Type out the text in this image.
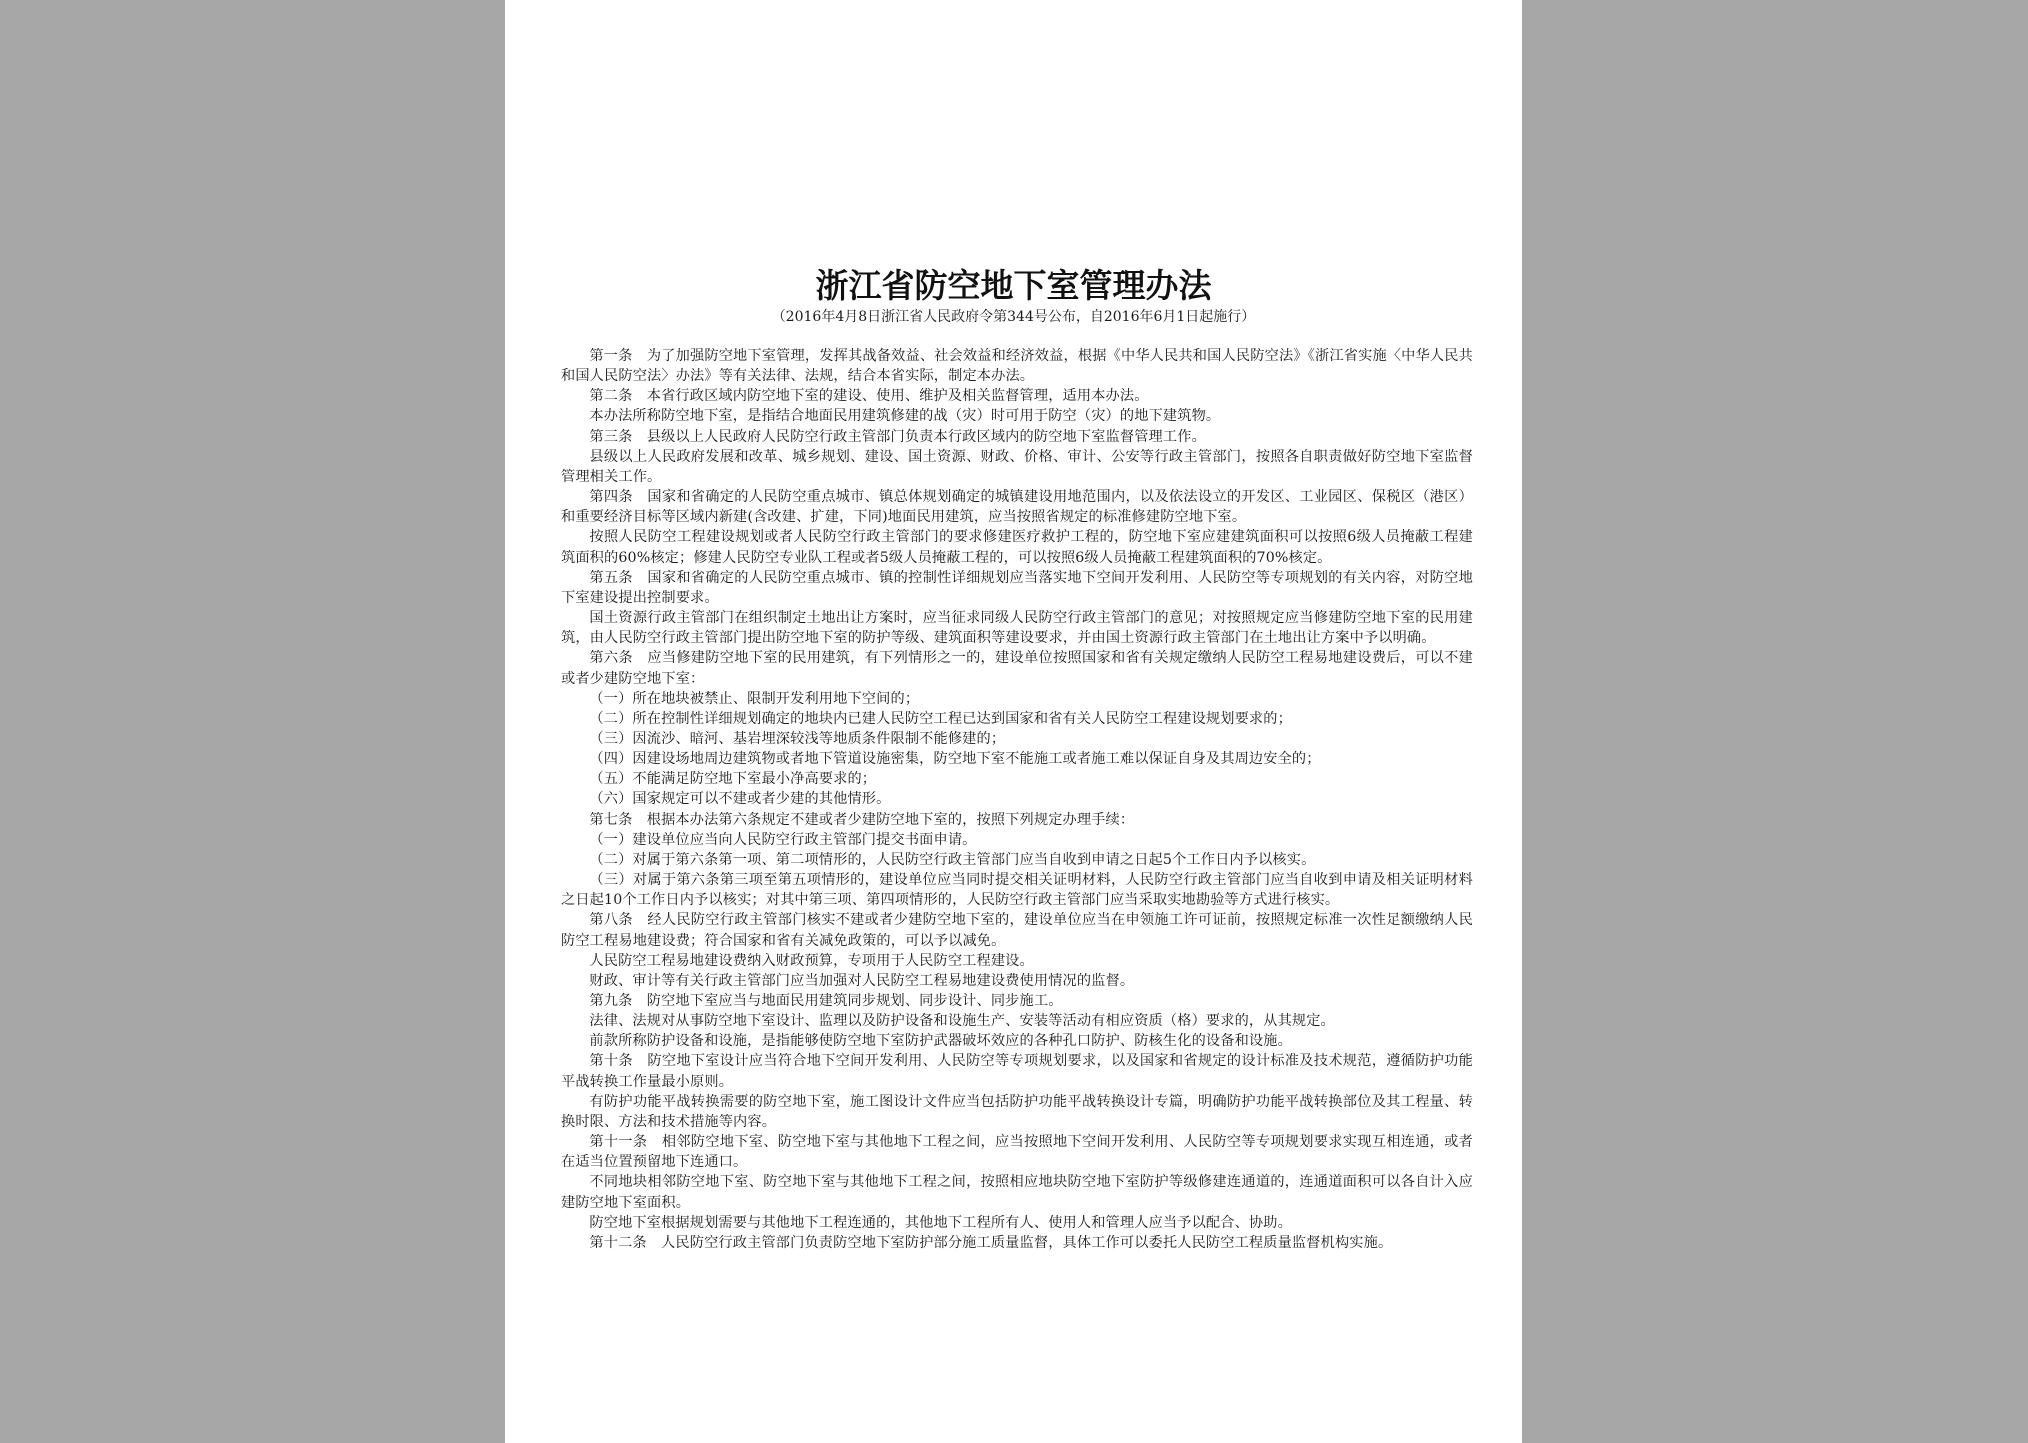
浙江省防空地下室管理办法
（2016年4月8日浙江省人民政府令第344号公布，自2016年6月1日起施行）

第一条　为了加强防空地下室管理，发挥其战备效益、社会效益和经济效益，根据《中华人民共和国人民防空法》《浙江省实施〈中华人民共和国人民防空法〉办法》等有关法律、法规，结合本省实际，制定本办法。

第二条　本省行政区域内防空地下室的建设、使用、维护及相关监督管理，适用本办法。

本办法所称防空地下室，是指结合地面民用建筑修建的战（灾）时可用于防空（灾）的地下建筑物。

第三条　县级以上人民政府人民防空行政主管部门负责本行政区域内的防空地下室监督管理工作。

县级以上人民政府发展和改革、城乡规划、建设、国土资源、财政、价格、审计、公安等行政主管部门，按照各自职责做好防空地下室监督管理相关工作。

第四条　国家和省确定的人民防空重点城市、镇总体规划确定的城镇建设用地范围内，以及依法设立的开发区、工业园区、保税区（港区）和重要经济目标等区域内新建(含改建、扩建，下同)地面民用建筑，应当按照省规定的标准修建防空地下室。

按照人民防空工程建设规划或者人民防空行政主管部门的要求修建医疗救护工程的，防空地下室应建建筑面积可以按照6级人员掩蔽工程建筑面积的60%核定；修建人民防空专业队工程或者5级人员掩蔽工程的，可以按照6级人员掩蔽工程建筑面积的70%核定。

第五条　国家和省确定的人民防空重点城市、镇的控制性详细规划应当落实地下空间开发利用、人民防空等专项规划的有关内容，对防空地下室建设提出控制要求。

国土资源行政主管部门在组织制定土地出让方案时，应当征求同级人民防空行政主管部门的意见；对按照规定应当修建防空地下室的民用建筑，由人民防空行政主管部门提出防空地下室的防护等级、建筑面积等建设要求，并由国土资源行政主管部门在土地出让方案中予以明确。

第六条　应当修建防空地下室的民用建筑，有下列情形之一的，建设单位按照国家和省有关规定缴纳人民防空工程易地建设费后，可以不建或者少建防空地下室：

（一）所在地块被禁止、限制开发利用地下空间的；

（二）所在控制性详细规划确定的地块内已建人民防空工程已达到国家和省有关人民防空工程建设规划要求的；

（三）因流沙、暗河、基岩埋深较浅等地质条件限制不能修建的；

（四）因建设场地周边建筑物或者地下管道设施密集，防空地下室不能施工或者施工难以保证自身及其周边安全的；

（五）不能满足防空地下室最小净高要求的；

（六）国家规定可以不建或者少建的其他情形。

第七条　根据本办法第六条规定不建或者少建防空地下室的，按照下列规定办理手续：

（一）建设单位应当向人民防空行政主管部门提交书面申请。

（二）对属于第六条第一项、第二项情形的，人民防空行政主管部门应当自收到申请之日起5个工作日内予以核实。

（三）对属于第六条第三项至第五项情形的，建设单位应当同时提交相关证明材料，人民防空行政主管部门应当自收到申请及相关证明材料之日起10个工作日内予以核实；对其中第三项、第四项情形的，人民防空行政主管部门应当采取实地勘验等方式进行核实。

第八条　经人民防空行政主管部门核实不建或者少建防空地下室的，建设单位应当在申领施工许可证前，按照规定标准一次性足额缴纳人民防空工程易地建设费；符合国家和省有关减免政策的，可以予以减免。

人民防空工程易地建设费纳入财政预算，专项用于人民防空工程建设。

财政、审计等有关行政主管部门应当加强对人民防空工程易地建设费使用情况的监督。

第九条　防空地下室应当与地面民用建筑同步规划、同步设计、同步施工。

法律、法规对从事防空地下室设计、监理以及防护设备和设施生产、安装等活动有相应资质（格）要求的，从其规定。

前款所称防护设备和设施，是指能够使防空地下室防护武器破坏效应的各种孔口防护、防核生化的设备和设施。

第十条　防空地下室设计应当符合地下空间开发利用、人民防空等专项规划要求，以及国家和省规定的设计标准及技术规范，遵循防护功能平战转换工作量最小原则。

有防护功能平战转换需要的防空地下室，施工图设计文件应当包括防护功能平战转换设计专篇，明确防护功能平战转换部位及其工程量、转换时限、方法和技术措施等内容。

第十一条　相邻防空地下室、防空地下室与其他地下工程之间，应当按照地下空间开发利用、人民防空等专项规划要求实现互相连通，或者在适当位置预留地下连通口。

不同地块相邻防空地下室、防空地下室与其他地下工程之间，按照相应地块防空地下室防护等级修建连通道的，连通道面积可以各自计入应建防空地下室面积。

防空地下室根据规划需要与其他地下工程连通的，其他地下工程所有人、使用人和管理人应当予以配合、协助。

第十二条　人民防空行政主管部门负责防空地下室防护部分施工质量监督，具体工作可以委托人民防空工程质量监督机构实施。
